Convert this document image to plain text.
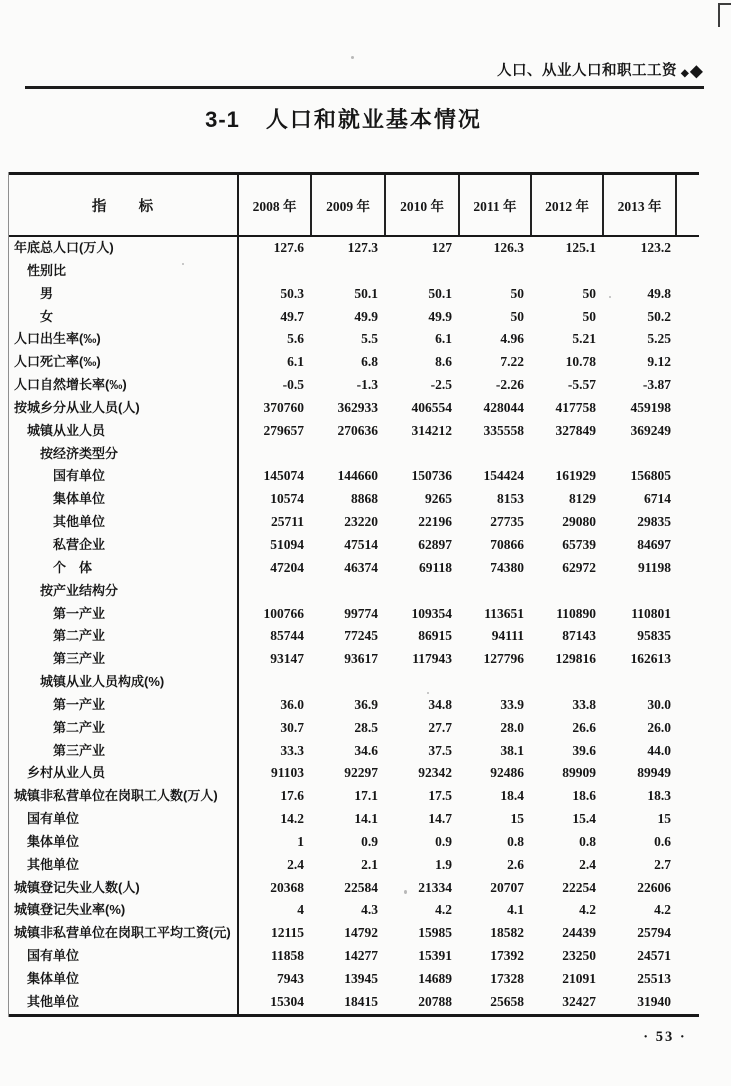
人口、从业人口和职工工资 ◆◆
3-1 人口和就业基本情况
指        标	2008 年	2009 年	2010 年	2011 年	2012 年	2013 年
年底总人口(万人)	127.6	127.3	127	126.3	125.1	123.2
性别比
男	50.3	50.1	50.1	50	50	49.8
女	49.7	49.9	49.9	50	50	50.2
人口出生率(‰)	5.6	5.5	6.1	4.96	5.21	5.25
人口死亡率(‰)	6.1	6.8	8.6	7.22	10.78	9.12
人口自然增长率(‰)	-0.5	-1.3	-2.5	-2.26	-5.57	-3.87
按城乡分从业人员(人)	370760	362933	406554	428044	417758	459198
城镇从业人员	279657	270636	314212	335558	327849	369249
按经济类型分
国有单位	145074	144660	150736	154424	161929	156805
集体单位	10574	8868	9265	8153	8129	6714
其他单位	25711	23220	22196	27735	29080	29835
私营企业	51094	47514	62897	70866	65739	84697
个　体	47204	46374	69118	74380	62972	91198
按产业结构分
第一产业	100766	99774	109354	113651	110890	110801
第二产业	85744	77245	86915	94111	87143	95835
第三产业	93147	93617	117943	127796	129816	162613
城镇从业人员构成(%)
第一产业	36.0	36.9	34.8	33.9	33.8	30.0
第二产业	30.7	28.5	27.7	28.0	26.6	26.0
第三产业	33.3	34.6	37.5	38.1	39.6	44.0
乡村从业人员	91103	92297	92342	92486	89909	89949
城镇非私营单位在岗职工人数(万人)	17.6	17.1	17.5	18.4	18.6	18.3
国有单位	14.2	14.1	14.7	15	15.4	15
集体单位	1	0.9	0.9	0.8	0.8	0.6
其他单位	2.4	2.1	1.9	2.6	2.4	2.7
城镇登记失业人数(人)	20368	22584	21334	20707	22254	22606
城镇登记失业率(%)	4	4.3	4.2	4.1	4.2	4.2
城镇非私营单位在岗职工平均工资(元)	12115	14792	15985	18582	24439	25794
国有单位	11858	14277	15391	17392	23250	24571
集体单位	7943	13945	14689	17328	21091	25513
其他单位	15304	18415	20788	25658	32427	31940
· 53 ·
